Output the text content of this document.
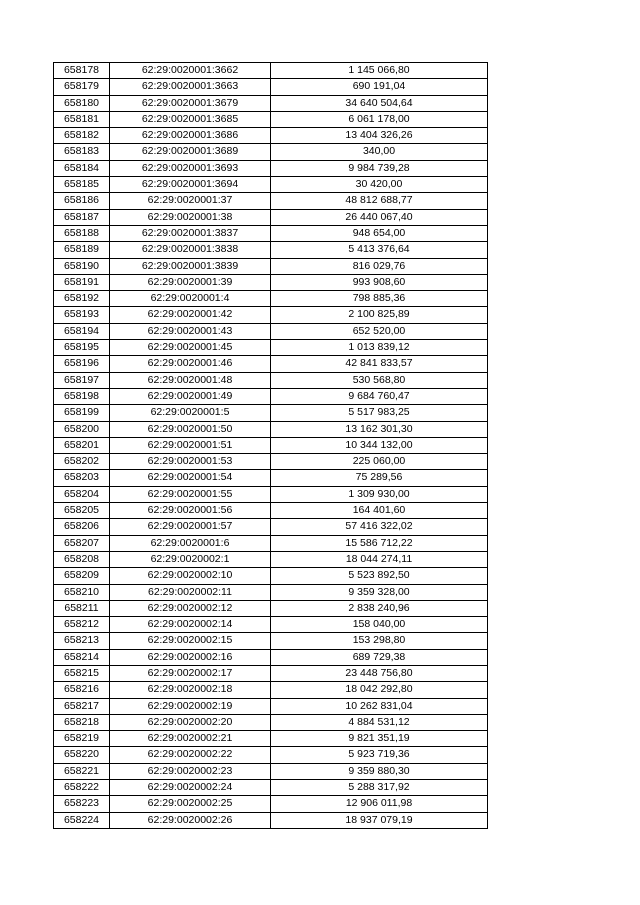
658178	62:29:0020001:3662	1 145 066,80
658179	62:29:0020001:3663	690 191,04
658180	62:29:0020001:3679	34 640 504,64
658181	62:29:0020001:3685	6 061 178,00
658182	62:29:0020001:3686	13 404 326,26
658183	62:29:0020001:3689	340,00
658184	62:29:0020001:3693	9 984 739,28
658185	62:29:0020001:3694	30 420,00
658186	62:29:0020001:37	48 812 688,77
658187	62:29:0020001:38	26 440 067,40
658188	62:29:0020001:3837	948 654,00
658189	62:29:0020001:3838	5 413 376,64
658190	62:29:0020001:3839	816 029,76
658191	62:29:0020001:39	993 908,60
658192	62:29:0020001:4	798 885,36
658193	62:29:0020001:42	2 100 825,89
658194	62:29:0020001:43	652 520,00
658195	62:29:0020001:45	1 013 839,12
658196	62:29:0020001:46	42 841 833,57
658197	62:29:0020001:48	530 568,80
658198	62:29:0020001:49	9 684 760,47
658199	62:29:0020001:5	5 517 983,25
658200	62:29:0020001:50	13 162 301,30
658201	62:29:0020001:51	10 344 132,00
658202	62:29:0020001:53	225 060,00
658203	62:29:0020001:54	75 289,56
658204	62:29:0020001:55	1 309 930,00
658205	62:29:0020001:56	164 401,60
658206	62:29:0020001:57	57 416 322,02
658207	62:29:0020001:6	15 586 712,22
658208	62:29:0020002:1	18 044 274,11
658209	62:29:0020002:10	5 523 892,50
658210	62:29:0020002:11	9 359 328,00
658211	62:29:0020002:12	2 838 240,96
658212	62:29:0020002:14	158 040,00
658213	62:29:0020002:15	153 298,80
658214	62:29:0020002:16	689 729,38
658215	62:29:0020002:17	23 448 756,80
658216	62:29:0020002:18	18 042 292,80
658217	62:29:0020002:19	10 262 831,04
658218	62:29:0020002:20	4 884 531,12
658219	62:29:0020002:21	9 821 351,19
658220	62:29:0020002:22	5 923 719,36
658221	62:29:0020002:23	9 359 880,30
658222	62:29:0020002:24	5 288 317,92
658223	62:29:0020002:25	12 906 011,98
658224	62:29:0020002:26	18 937 079,19
